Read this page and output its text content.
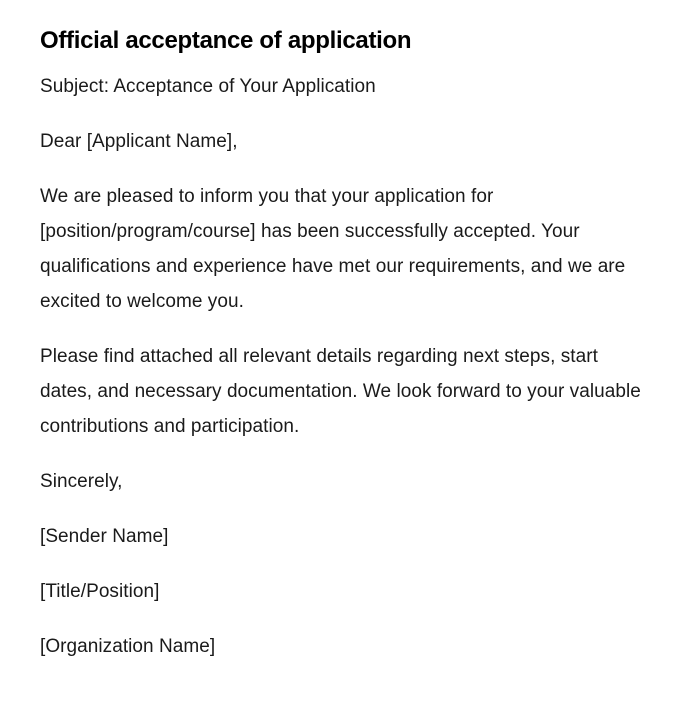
Official acceptance of application

Subject: Acceptance of Your Application

Dear [Applicant Name],

We are pleased to inform you that your application for [position/program/course] has been successfully accepted. Your qualifications and experience have met our requirements, and we are excited to welcome you.

Please find attached all relevant details regarding next steps, start dates, and necessary documentation. We look forward to your valuable contributions and participation.

Sincerely,

[Sender Name]

[Title/Position]

[Organization Name]
